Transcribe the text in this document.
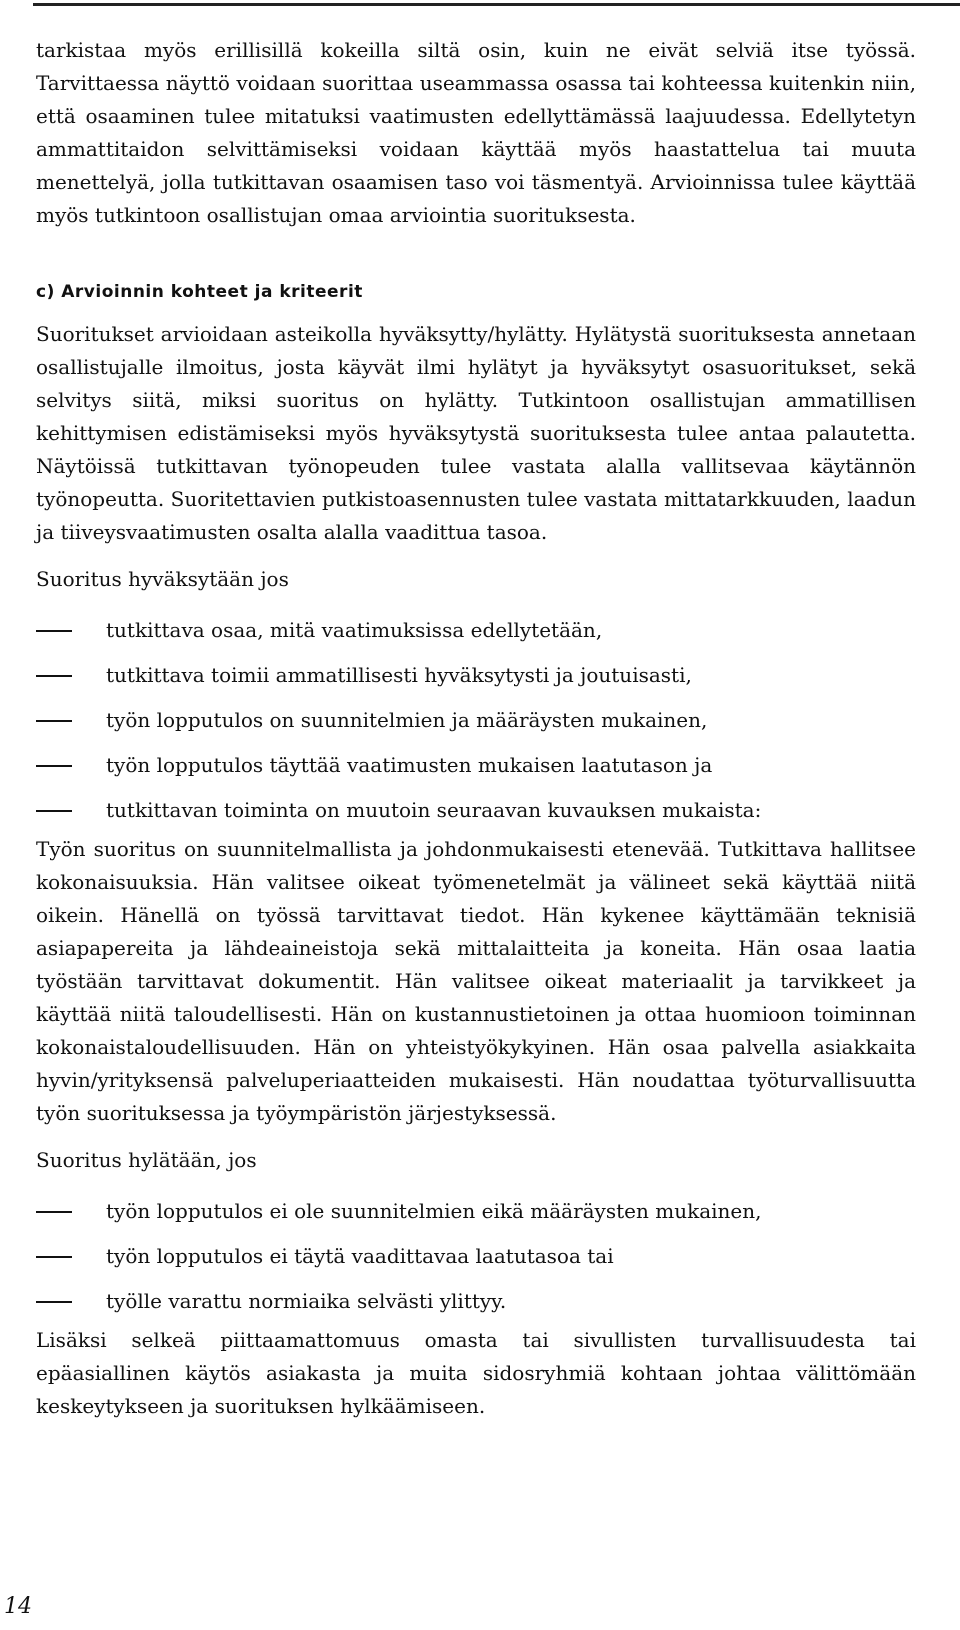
tarkistaa myös erillisillä kokeilla siltä osin, kuin ne eivät selviä itse työssä. Tarvittaessa näyttö voidaan suorittaa useammassa osassa tai kohteessa kuitenkin niin, että osaaminen tulee mitatuksi vaatimusten edellyttämässä laajuudessa. Edellytetyn ammattitaidon selvittämiseksi voidaan käyttää myös haastattelua tai muuta menettelyä, jolla tutkittavan osaamisen taso voi täsmentyä. Arvioinnissa tulee käyttää myös tutkintoon osallistujan omaa arviointia suorituksesta.

c) Arvioinnin kohteet ja kriteerit

Suoritukset arvioidaan asteikolla hyväksytty/hylätty. Hylätystä suorituksesta annetaan osallistujalle ilmoitus, josta käyvät ilmi hylätyt ja hyväksytyt osasuoritukset, sekä selvitys siitä, miksi suoritus on hylätty. Tutkintoon osallistujan ammatillisen kehittymisen edistämiseksi myös hyväksytystä suorituksesta tulee antaa palautetta. Näytöissä tutkittavan työnopeuden tulee vastata alalla vallitsevaa käytännön työnopeutta. Suoritettavien putkistoasennusten tulee vastata mittatarkkuuden, laadun ja tiiveysvaatimusten osalta alalla vaadittua tasoa.

Suoritus hyväksytään jos

tutkittava osaa, mitä vaatimuksissa edellytetään,
tutkittava toimii ammatillisesti hyväksytysti ja joutuisasti,
työn lopputulos on suunnitelmien ja määräysten mukainen,
työn lopputulos täyttää vaatimusten mukaisen laatutason ja
tutkittavan toiminta on muutoin seuraavan kuvauksen mukaista:

Työn suoritus on suunnitelmallista ja johdonmukaisesti etenevää. Tutkittava hallitsee kokonaisuuksia. Hän valitsee oikeat työmenetelmät ja välineet sekä käyttää niitä oikein. Hänellä on työssä tarvittavat tiedot. Hän kykenee käyttämään teknisiä asiapapereita ja lähdeaineistoja sekä mittalaitteita ja koneita. Hän osaa laatia työstään tarvittavat dokumentit. Hän valitsee oikeat materiaalit ja tarvikkeet ja käyttää niitä taloudellisesti. Hän on kustannustietoinen ja ottaa huomioon toiminnan kokonaistaloudellisuuden. Hän on yhteistyökykyinen. Hän osaa palvella asiakkaita hyvin/yrityksensä palveluperiaatteiden mukaisesti. Hän noudattaa työturvallisuutta työn suorituksessa ja työympäristön järjestyksessä.

Suoritus hylätään, jos

työn lopputulos ei ole suunnitelmien eikä määräysten mukainen,
työn lopputulos ei täytä vaadittavaa laatutasoa tai
työlle varattu normiaika selvästi ylittyy.

Lisäksi selkeä piittaamattomuus omasta tai sivullisten turvallisuudesta tai epäasiallinen käytös asiakasta ja muita sidosryhmiä kohtaan johtaa välittömään keskeytykseen ja suorituksen hylkäämiseen.

14
